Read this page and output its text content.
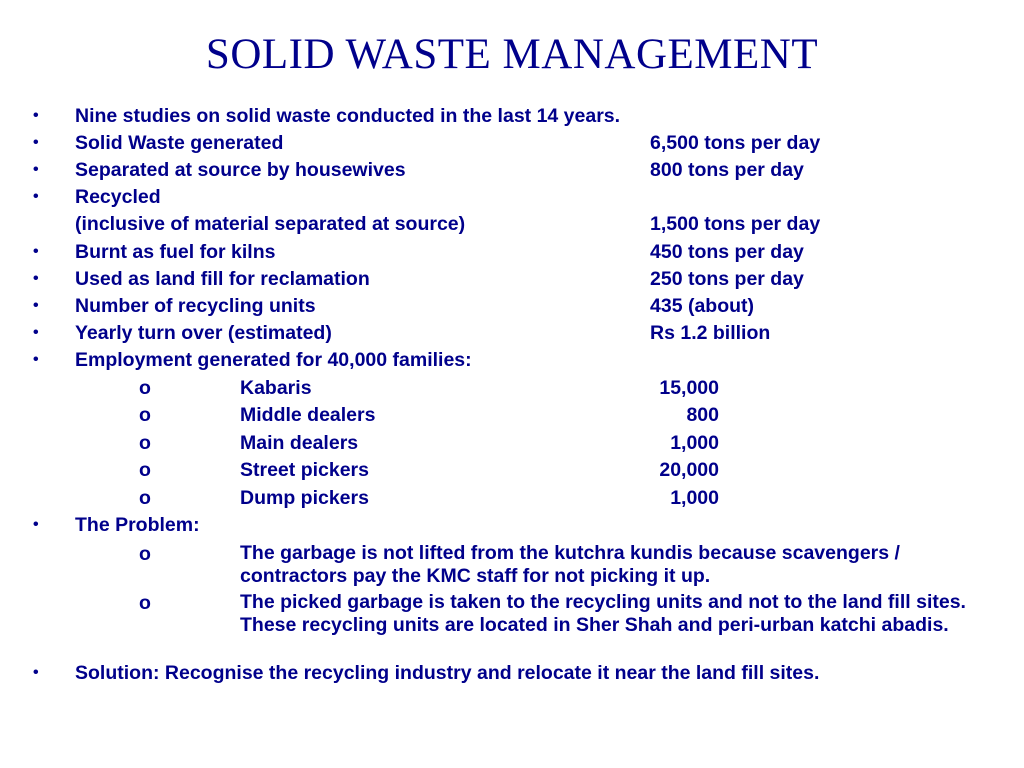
SOLID WASTE MANAGEMENT
• Nine studies on solid waste conducted in the last 14 years.
• Solid Waste generated	6,500 tons per day
• Separated at source by housewives	800 tons per day
• Recycled
(inclusive of material separated at source)	1,500 tons per day
• Burnt as fuel for kilns	450 tons per day
• Used as land fill for reclamation	250 tons per day
• Number of recycling units	435 (about)
• Yearly turn over (estimated)	Rs 1.2 billion
• Employment generated for 40,000 families:
o	Kabaris	15,000
o	Middle dealers	800
o	Main dealers	1,000
o	Street pickers	20,000
o	Dump pickers	1,000
• The Problem:
o	The garbage is not lifted from the kutchra kundis because scavengers / contractors pay the KMC staff for not picking it up.
o	The picked garbage is taken to the recycling units and not to the land fill sites. These recycling units are located in Sher Shah and peri-urban katchi abadis.
• Solution: Recognise the recycling industry and relocate it near the land fill sites.
